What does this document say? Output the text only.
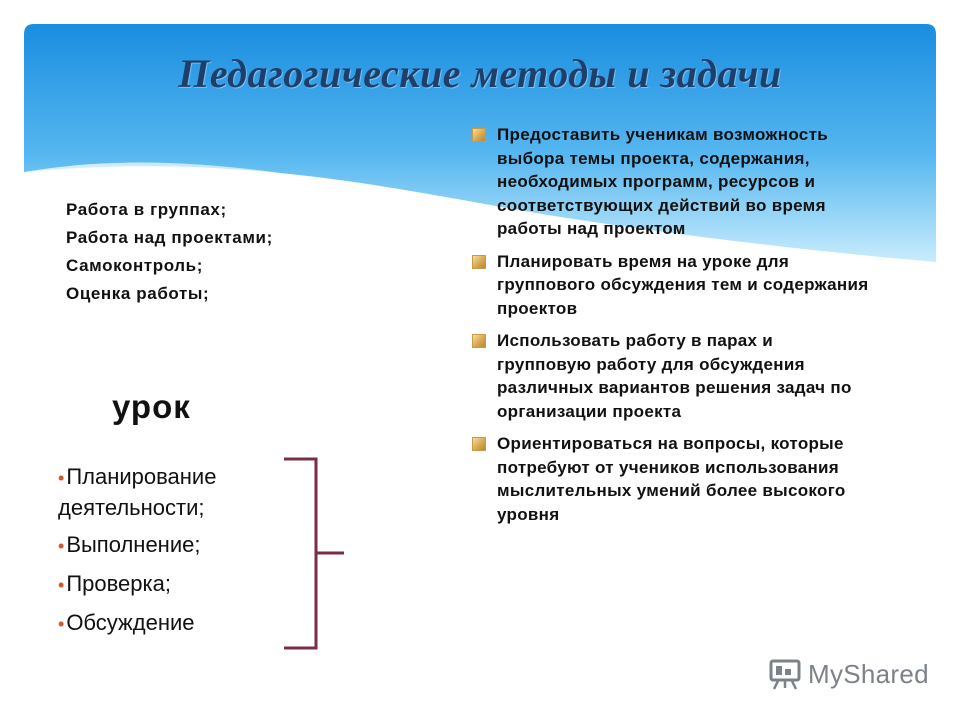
Педагогические методы и задачи
Работа в группах;
Работа над проектами;
Самоконтроль;
Оценка работы;
урок
•Планирование деятельности;
•Выполнение;
•Проверка;
•Обсуждение
Предоставить ученикам возможность выбора темы проекта, содержания, необходимых программ, ресурсов и соответствующих действий во время работы над проектом
Планировать время на уроке для группового обсуждения тем и содержания проектов
Использовать работу в парах и групповую работу для обсуждения различных вариантов решения задач по организации проекта
Ориентироваться на вопросы, которые потребуют от учеников использования мыслительных умений более высокого уровня
MyShared
